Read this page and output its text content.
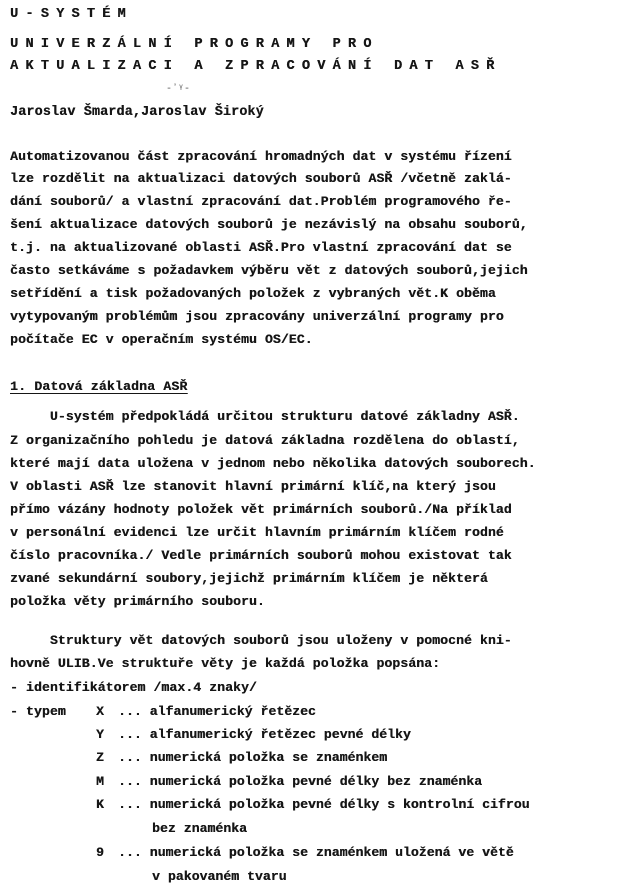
U-SYSTÉM
UNIVERZÁLNÍ PROGRAMY PRO
AKTUALIZACI A ZPRACOVÁNÍ DAT ASŘ
-ʼᵞ-
Jaroslav Šmarda,Jaroslav Široký
Automatizovanou část zpracování hromadných dat v systému řízení
lze rozdělit na aktualizaci datových souborů ASŘ /včetně zaklá-
dání souborů/ a vlastní zpracování dat.Problém programového ře-
šení aktualizace datových souborů je nezávislý na obsahu souborů,
t.j. na aktualizované oblasti ASŘ.Pro vlastní zpracování dat se
často setkáváme s požadavkem výběru vět z datových souborů,jejich
setřídění a tisk požadovaných položek z vybraných vět.K oběma
vytypovaným problémům jsou zpracovány univerzální programy pro
počítače EC v operačním systému OS/EC.
1. Datová základna ASŘ
U-systém předpokládá určitou strukturu datové základny ASŘ.
Z organizačního pohledu je datová základna rozdělena do oblastí,
které mají data uložena v jednom nebo několika datových souborech.
V oblasti ASŘ lze stanovit hlavní primární klíč,na který jsou
přímo vázány hodnoty položek vět primárních souborů./Na příklad
v personální evidenci lze určit hlavním primárním klíčem rodné
číslo pracovníka./ Vedle primárních souborů mohou existovat tak
zvané sekundární soubory,jejichž primárním klíčem je některá
položka věty primárního souboru.
Struktury vět datových souborů jsou uloženy v pomocné kni-
hovně ULIB.Ve struktuře věty je každá položka popsána:
- identifikátorem /max.4 znaky/
- typem X ... alfanumerický řetězec
Y ... alfanumerický řetězec pevné délky
Z ... numerická položka se znaménkem
M ... numerická položka pevné délky bez znaménka
K ... numerická položka pevné délky s kontrolní cifrou
bez znaménka
9 ... numerická položka se znaménkem uložená ve větě
v pakovaném tvaru
